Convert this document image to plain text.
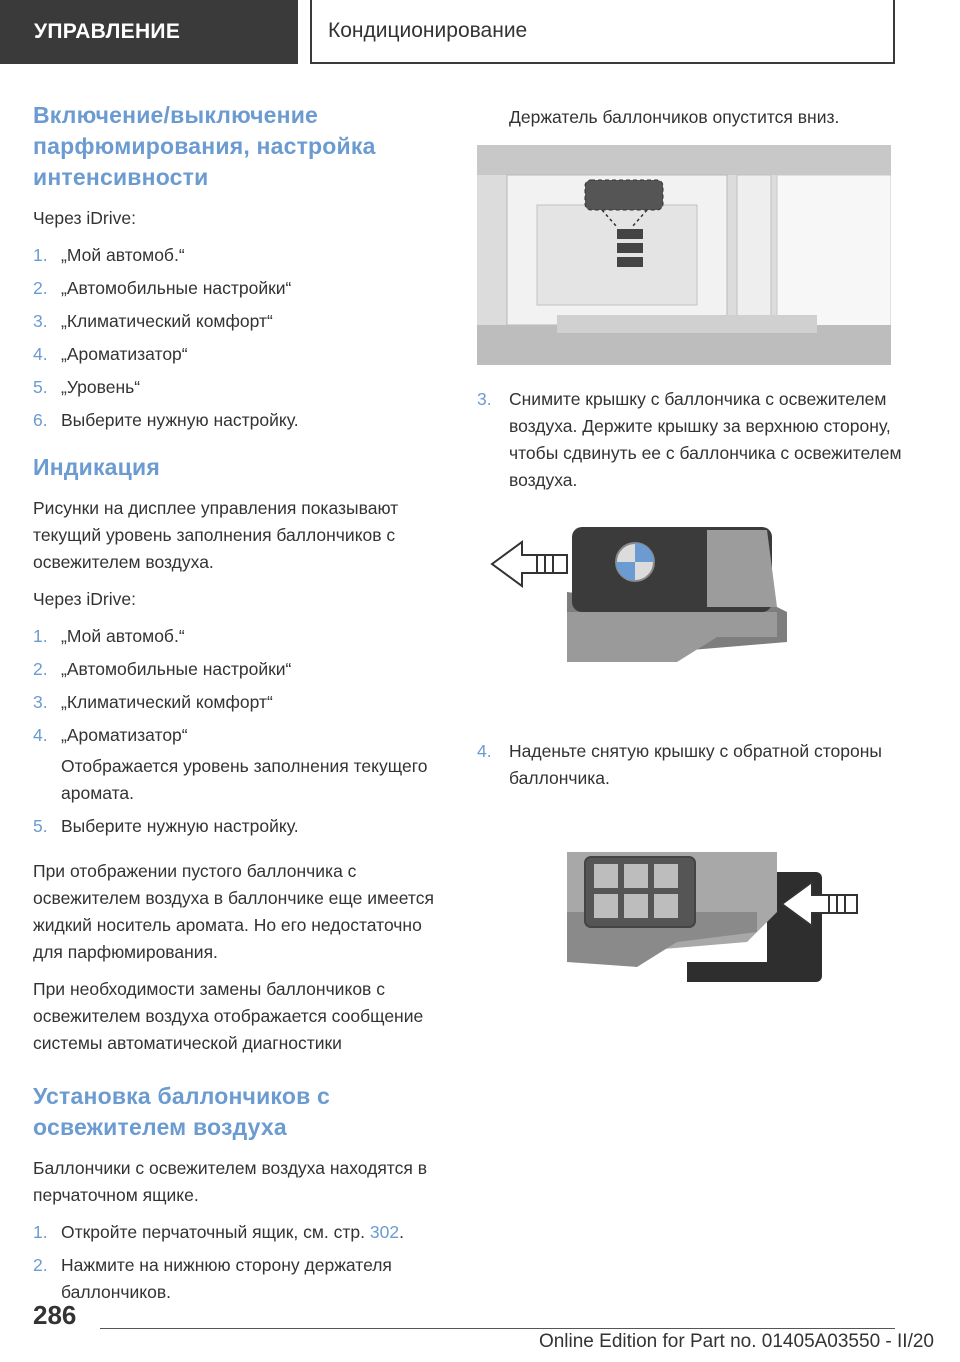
УПРАВЛЕНИЕ	Кондиционирование
Включение/выключение парфюмирования, настройка интенсивности

Через iDrive:

1. „Мой автомоб.“
2. „Автомобильные настройки“
3. „Климатический комфорт“
4. „Ароматизатор“
5. „Уровень“
6. Выберите нужную настройку.
Индикация

Рисунки на дисплее управления показывают текущий уровень заполнения баллончиков с освежителем воздуха.

Через iDrive:

1. „Мой автомоб.“
2. „Автомобильные настройки“
3. „Климатический комфорт“
4. „Ароматизатор“
Отображается уровень заполнения текущего аромата.
5. Выберите нужную настройку.

При отображении пустого баллончика с освежителем воздуха в баллончике еще имеется жидкий носитель аромата. Но его недостаточно для парфюмирования.

При необходимости замены баллончиков с освежителем воздуха отображается сообщение системы автоматической диагностики

Установка баллончиков с освежителем воздуха

Баллончики с освежителем воздуха находятся в перчаточном ящике.

1. Откройте перчаточный ящик, см. стр. 302.
2. Нажмите на нижнюю сторону держателя баллончиков.

Держатель баллончиков опустится вниз.

3. Снимите крышку с баллончика с освежителем воздуха. Держите крышку за верхнюю сторону, чтобы сдвинуть ее с баллончика с освежителем воздуха.
4. Наденьте снятую крышку с обратной стороны баллончика.
286
Online Edition for Part no. 01405A03550 - II/20
